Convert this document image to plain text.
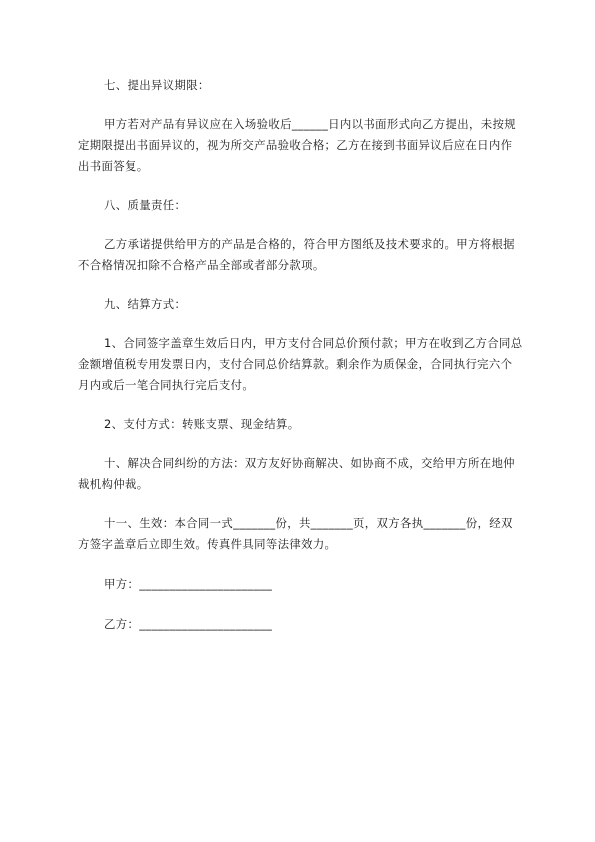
七、提出异议期限：
甲方若对产品有异议应在入场验收后______日内以书面形式向乙方提出，未按规
定期限提出书面异议的，视为所交产品验收合格；乙方在接到书面异议后应在日内作
出书面答复。
八、质量责任：
乙方承诺提供给甲方的产品是合格的，符合甲方图纸及技术要求的。甲方将根据
不合格情况扣除不合格产品全部或者部分款项。
九、结算方式：
1、合同签字盖章生效后日内，甲方支付合同总价预付款；甲方在收到乙方合同总
金额增值税专用发票日内，支付合同总价结算款。剩余作为质保金，合同执行完六个
月内或后一笔合同执行完后支付。
2、支付方式：转账支票、现金结算。
十、解决合同纠纷的方法：双方友好协商解决、如协商不成，交给甲方所在地仲
裁机构仲裁。
十一、生效：本合同一式_______份，共_______页，双方各执_______份，经双
方签字盖章后立即生效。传真件具同等法律效力。
甲方：______________________
乙方：______________________
